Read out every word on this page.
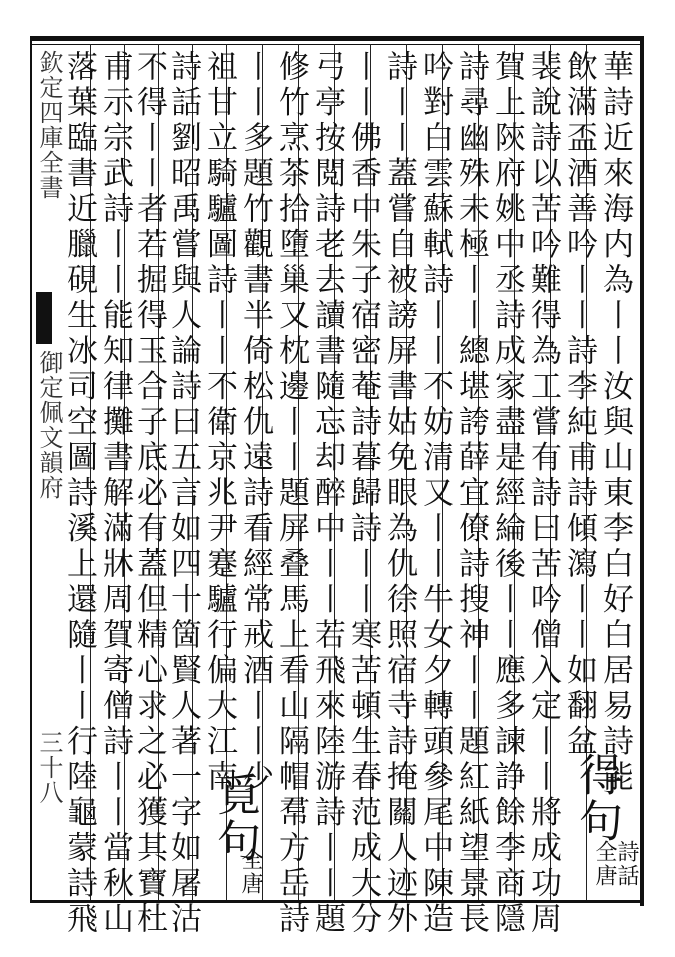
欽定四庫全書
御定佩文韻府
三十八
全唐
詩話
得句
華詩近來海内為丨丨汝與山東李白好白居易詩能
飲滿盃酒善吟丨丨詩李純甫詩傾瀉丨丨如翻盆
裴說詩以苦吟難得為工嘗有詩曰苦吟僧入定丨丨將成功周
賀上陝府姚中丞詩成家盡是經綸後丨丨應多諫諍餘李商隱
詩尋幽殊未極丨丨總堪誇薛宜僚詩搜神丨丨題紅紙望景長
吟對白雲蘇軾詩丨丨不妨清又丨丨牛女夕轉頭參尾中陳造
詩丨丨蓋嘗自被謗屏書姑免眼為仇徐照宿寺詩掩關人迹外
丨丨佛香中朱子宿密菴詩暮歸詩丨丨寒苦頓生春范成大分
弓亭按閲詩老去讀書隨忘却醉中丨丨若飛來陸游詩丨丨題
修竹烹茶拾墮巢又枕邊丨丨題屏叠馬上看山隔帽帬方岳詩
丨丨多題竹觀書半倚松仇遠詩看經常戒酒丨丨少
祖甘立騎驢圖詩丨丨不衛京兆尹蹇驢行偏大江南
詩話劉昭禹嘗與人論詩曰五言如四十箇賢人著一字如屠沽
不得丨丨者若掘得玉合子底必有蓋但精心求之必獲其寶杜
甫示宗武詩丨丨能知律攤書解滿牀周賀寄僧詩丨丨當秋山
落葉臨書近臘硯生冰司空圖詩溪上還隨丨丨行陸龜蒙詩飛	覓句
全唐
